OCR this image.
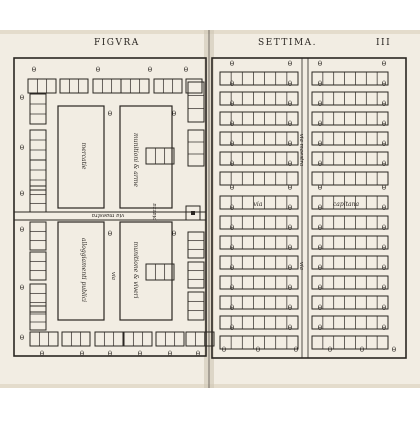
θ	θ	θ	θ
θ
θ
θ
θ
θ
θ
θ	θ	θ	θ	θ	θ
θ	θ
θ	θ
θ	θ	θ	θ
θ	θ	θ	θ
θ	θ	θ	θ
θ	θ	θ	θ
θ	θ	θ	θ
θ	θ	θ	θ
θ	θ	θ	θ
θ	θ	θ	θ
θ	θ	θ	θ
θ	θ	θ	θ
θ	θ	θ	θ
θ	θ	θ	θ
θ	θ	θ	θ
θ	θ	θ	θ
θ	θ	θ	θ	θ	θ
mercatie	munitioni & arme
piazza
via maestra
alloggiamenti publici	via	munitione & viveri
via maestra
via	capitana
via
FIGVRA	SETTIMA.	III
